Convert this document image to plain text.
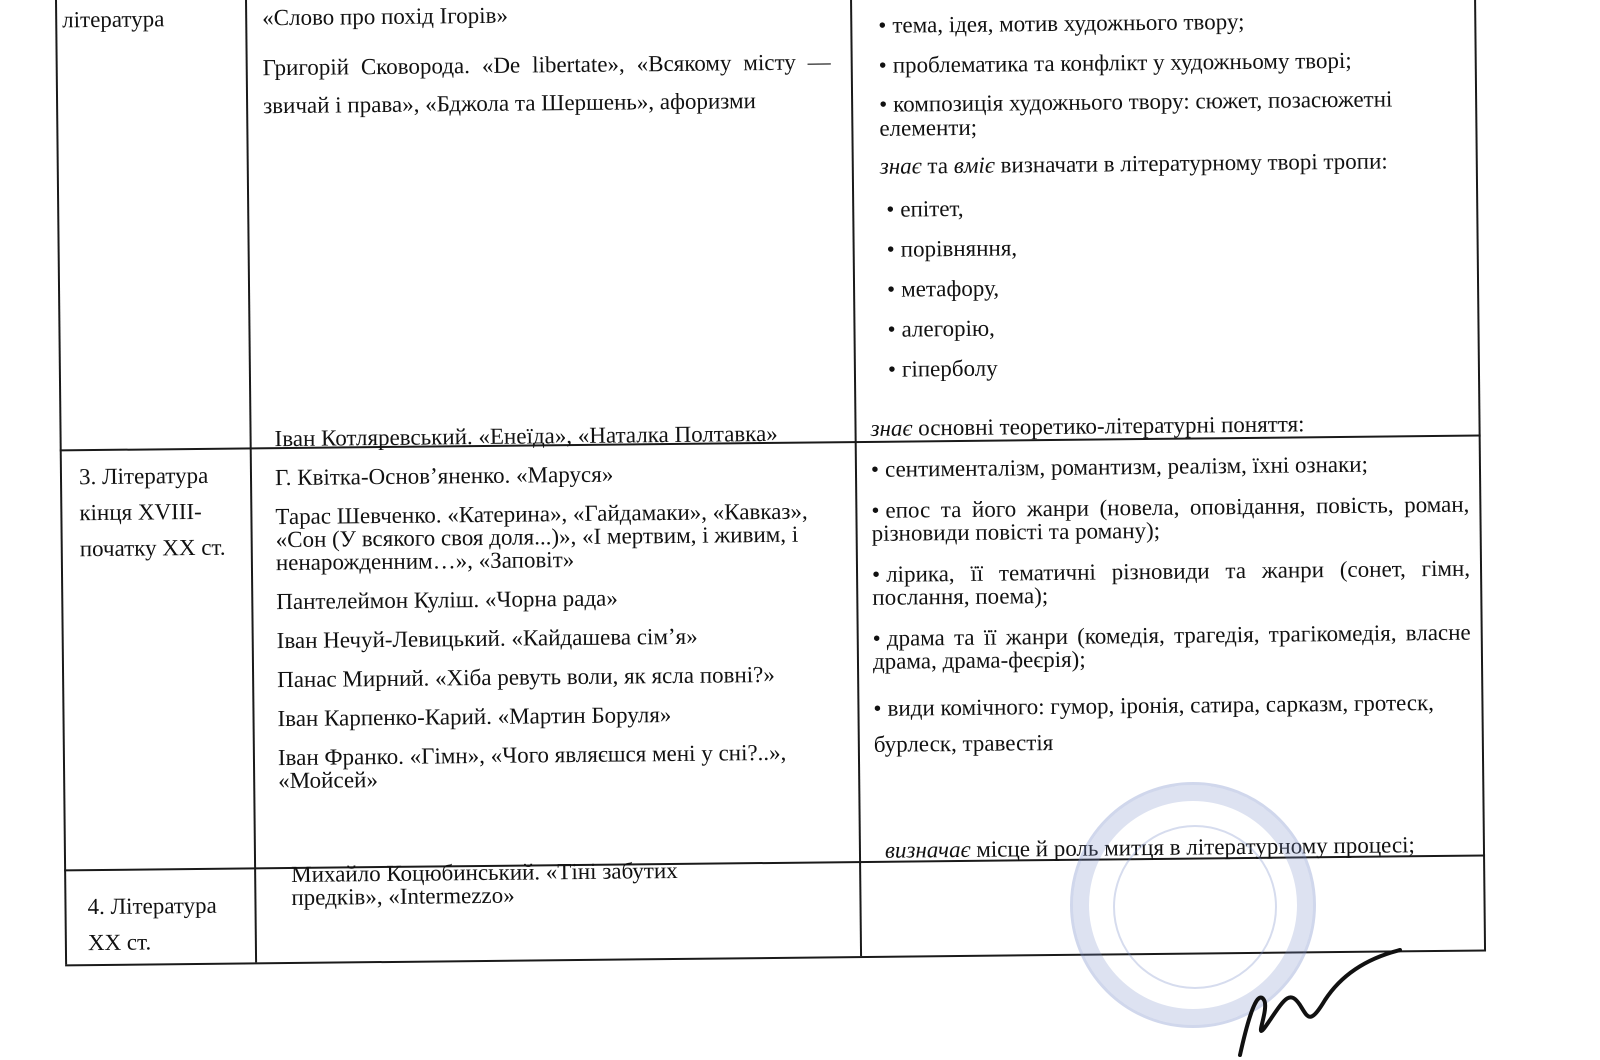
література	«Слово про похід Ігорів»

Григорій Сковорода. «De libertate», «Всякому місту — звичай і права», «Бджола та Шершень», афоризми

• тема, ідея, мотив художнього твору;
• проблематика та конфлікт у художньому творі;
• композиція художнього твору: сюжет, позасюжетні елементи;

знає та вміє визначати в літературному творі тропи:

• епітет,
• порівняння,
• метафору,
• алегорію,
• гіперболу
3. Література кінця XVIII-початку XX ст.

Іван Котляревський. «Енеїда», «Наталка Полтавка»

Г. Квітка-Основ’яненко. «Маруся»

Тарас Шевченко. «Катерина», «Гайдамаки», «Кавказ», «Сон (У всякого своя доля...)», «І мертвим, і живим, і ненарожденним…», «Заповіт»

Пантелеймон Куліш. «Чорна рада»

Іван Нечуй-Левицький. «Кайдашева сім’я»

Панас Мирний. «Хіба ревуть воли, як ясла повні?»

Іван Карпенко-Карий. «Мартин Боруля»

Іван Франко. «Гімн», «Чого являєшся мені у сні?..», «Мойсей»

знає основні теоретико-літературні поняття:

• сентименталізм, романтизм, реалізм, їхні ознаки;
• епос та його жанри (новела, оповідання, повість, роман, різновиди повісті та роману);
• лірика, її тематичні різновиди та жанри (сонет, гімн, послання, поема);
• драма та її жанри (комедія, трагедія, трагікомедія, власне драма, драма-феєрія);
• види комічного: гумор, іронія, сатира, сарказм, гротеск, бурлеск, травестія
4. Література XX ст.

Михайло Коцюбинський. «Тіні забутих предків», «Intermezzo»

визначає місце й роль митця в літературному процесі;
